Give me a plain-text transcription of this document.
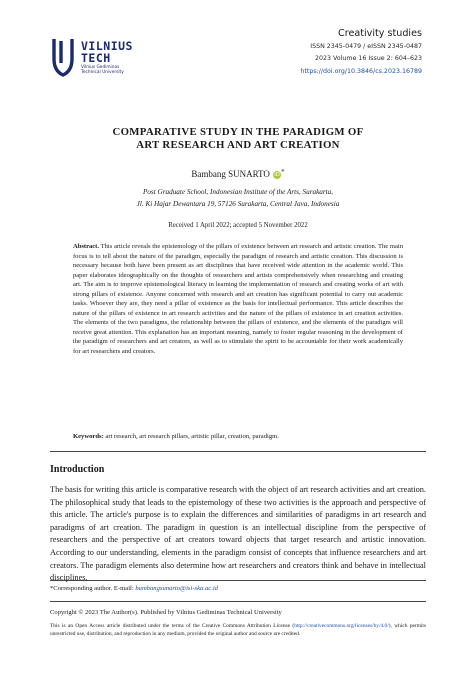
VILNIUS
TECH
Vilnius Gediminas
Technical University
Creativity studies
ISSN 2345-0479 / eISSN 2345-0487
2023 Volume 16 Issue 2: 604–623
https://doi.org/10.3846/cs.2023.16789
COMPARATIVE STUDY IN THE PARADIGM OF
ART RESEARCH AND ART CREATION
Bambang SUNARTO iD*
Post Graduate School, Indonesian Institute of the Arts, Surakarta,
Jl. Ki Hajar Dewantara 19, 57126 Surakarta, Central Java, Indonesia
Received 1 April 2022; accepted 5 November 2022
Abstract. This article reveals the epistemology of the pillars of existence between art research and artistic creation. The main focus is to tell about the nature of the paradigm, especially the paradigm of research and artistic creation. This discussion is necessary because both have been present as art disciplines that have received wide attention in the academic world. This paper elaborates ideographically on the thoughts of researchers and artists comprehensively when researching and creating art. The aim is to improve epistemological literacy in learning the implementation of research and creating works of art with strong pillars of existence. Anyone concerned with research and art creation has significant potential to carry out academic tasks. Whoever they are, they need a pillar of existence as the basis for intellectual performance. This article describes the nature of the pillars of existence in art research activities and the nature of the pillars of existence in art creation activities. The elements of the two paradigms, the relationship between the pillars of existence, and the elements of the paradigm will receive great attention. This explanation has an important meaning, namely to foster regular reasoning in the development of the paradigm of researchers and art creators, as well as to stimulate the spirit to be accountable for their work academically for art researchers and creators.
Keywords: art research, art research pillars, artistic pillar, creation, paradigm.
Introduction
The basis for writing this article is comparative research with the object of art research activities and art creation. The philosophical study that leads to the epistemology of these two activities is the approach and perspective of this article. The article's purpose is to explain the differences and similarities of paradigms in art research and paradigms of art creation. The paradigm in question is an intellectual discipline from the perspective of researchers and the perspective of art creators toward objects that target research and artistic innovation. According to our understanding, elements in the paradigm consist of concepts that influence researchers and art creators. The paradigm elements also determine how art researchers and creators think and behave in intellectual disciplines.
*Corresponding author. E-mail: bambangsunarto@isi-ska.ac.id
Copyright © 2023 The Author(s). Published by Vilnius Gediminas Technical University
This is an Open Access article distributed under the terms of the Creative Commons Attribution License (http://creativecommons.org/licenses/by/4.0/), which permits unrestricted use, distribution, and reproduction in any medium, provided the original author and source are credited.
